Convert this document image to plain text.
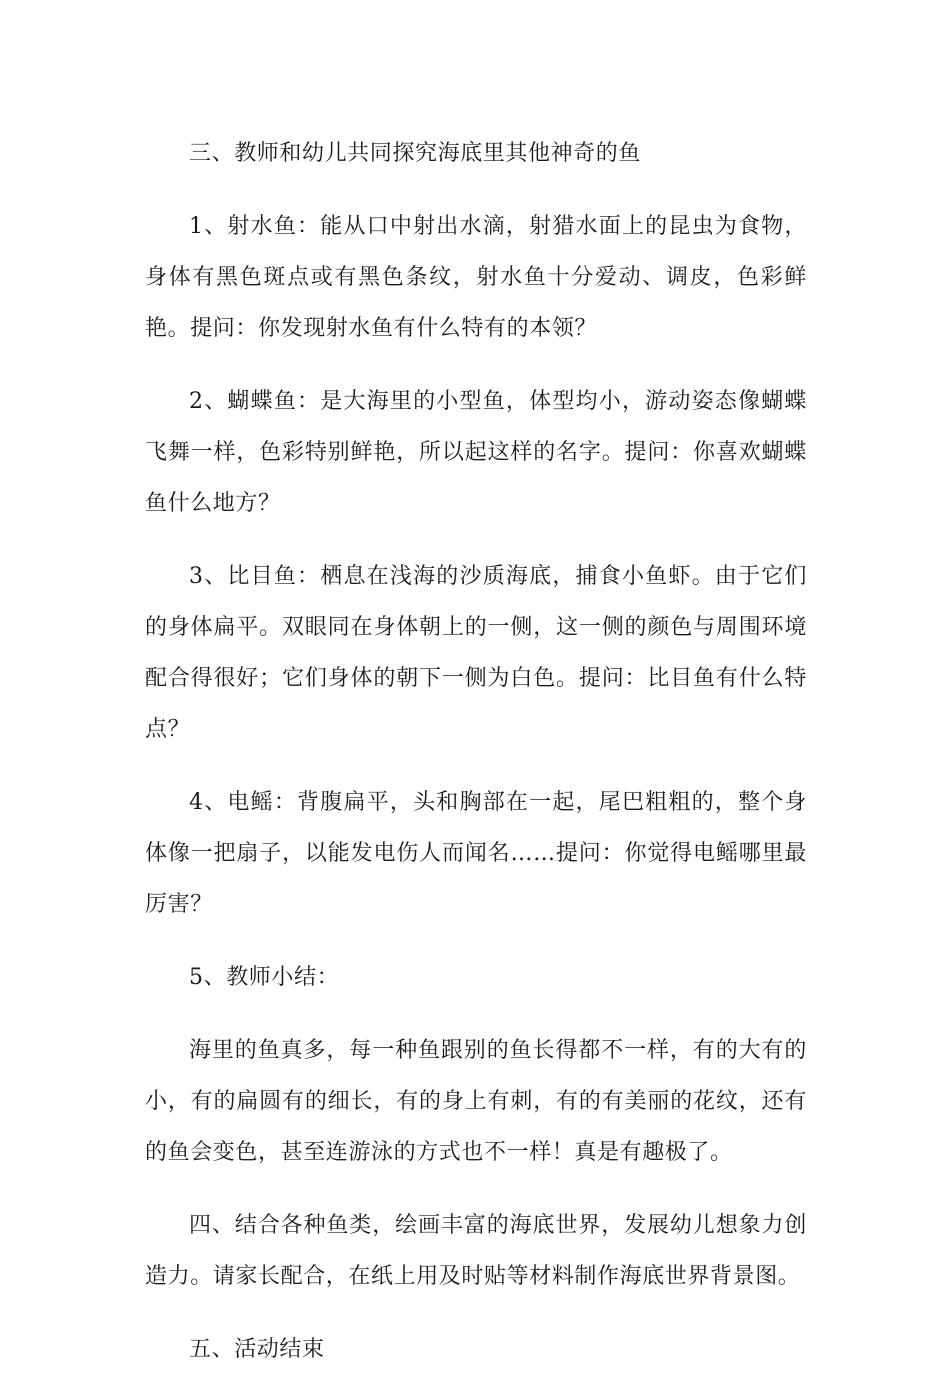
三、教师和幼儿共同探究海底里其他神奇的鱼

1、射水鱼：能从口中射出水滴，射猎水面上的昆虫为食物，身体有黑色斑点或有黑色条纹，射水鱼十分爱动、调皮，色彩鲜艳。提问：你发现射水鱼有什么特有的本领？

2、蝴蝶鱼：是大海里的小型鱼，体型均小，游动姿态像蝴蝶飞舞一样，色彩特别鲜艳，所以起这样的名字。提问：你喜欢蝴蝶鱼什么地方？

3、比目鱼：栖息在浅海的沙质海底，捕食小鱼虾。由于它们的身体扁平。双眼同在身体朝上的一侧，这一侧的颜色与周围环境配合得很好；它们身体的朝下一侧为白色。提问：比目鱼有什么特点？

4、电鳐：背腹扁平，头和胸部在一起，尾巴粗粗的，整个身体像一把扇子，以能发电伤人而闻名……提问：你觉得电鳐哪里最厉害？

5、教师小结：

海里的鱼真多，每一种鱼跟别的鱼长得都不一样，有的大有的小，有的扁圆有的细长，有的身上有刺，有的有美丽的花纹，还有的鱼会变色，甚至连游泳的方式也不一样！真是有趣极了。

四、结合各种鱼类，绘画丰富的海底世界，发展幼儿想象力创造力。请家长配合，在纸上用及时贴等材料制作海底世界背景图。

五、活动结束
